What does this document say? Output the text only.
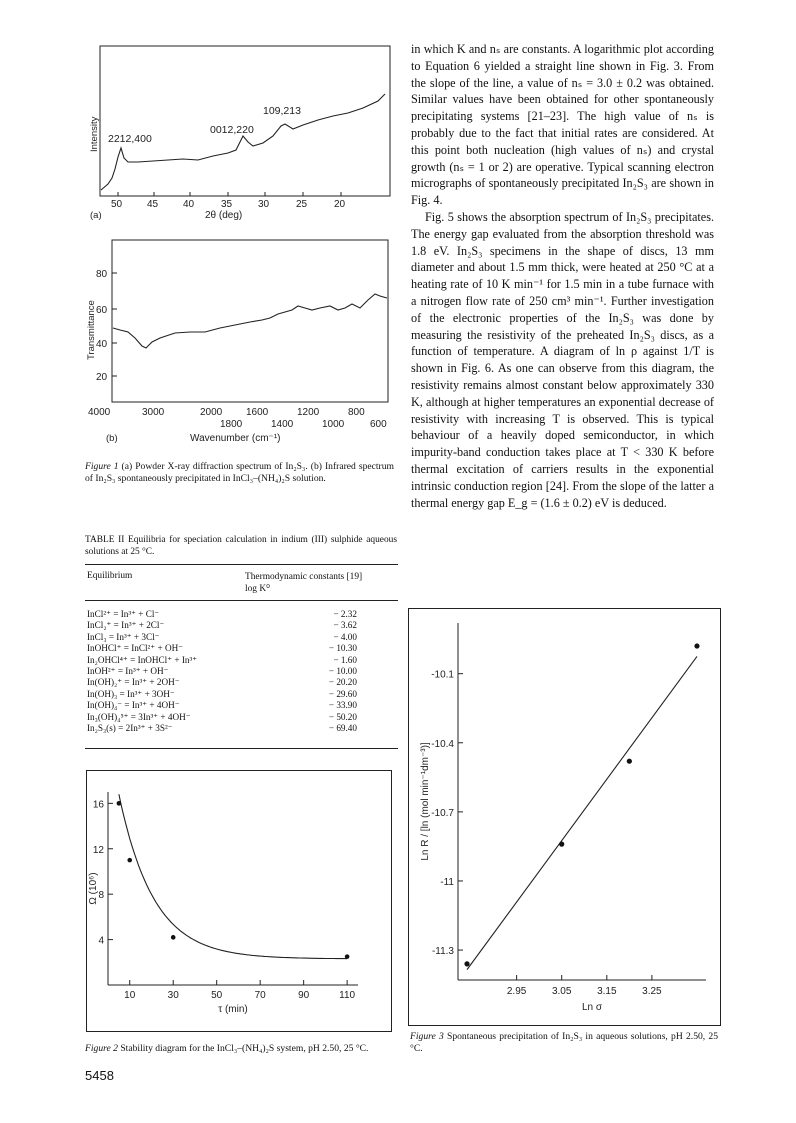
2212,400
0012,220
109,213
Intensity
50 45 40	35	30	25	20
2θ (deg)
(a)
80
60
40
20
Transmittance
4000	3000	2000 1600	1200	800
1800	1400	1000	600
Wavenumber (cm⁻¹)
(b)
Figure 1 (a) Powder X-ray diffraction spectrum of In₂S₃. (b) Infrared spectrum of In₂S₃ spontaneously precipitated in InCl₃–(NH₄)₂S solution.
TABLE II Equilibria for speciation calculation in indium (III) sulphide aqueous solutions at 25 °C.
Equilibrium	Thermodynamic constants [19]
log K⁰
InCl²⁺ = In³⁺ + Cl⁻	− 2.32
InCl₂⁺ = In³⁺ + 2Cl⁻	− 3.62
InCl₃ = In³⁺ + 3Cl⁻	− 4.00
InOHCl⁺ = InCl²⁺ + OH⁻	− 10.30
In₂OHCl⁴⁺ = InOHCl⁺ + In³⁺	− 1.60
InOH²⁺ = In³⁺ + OH⁻	− 10.00
In(OH)₂⁺ = In³⁺ + 2OH⁻	− 20.20
In(OH)₃ = In³⁺ + 3OH⁻	− 29.60
In(OH)₄⁻ = In³⁺ + 4OH⁻	− 33.90
In₃(OH)₄⁵⁺ = 3In³⁺ + 4OH⁻	− 50.20
In₂S₃(s) = 2In³⁺ + 3S²⁻	− 69.40
4
8
12
16
10	30	50	70	90	110
τ (min)
Ω (10⁶)
Figure 2 Stability diagram for the InCl₃–(NH₄)₂S system, pH 2.50, 25 °C.
-10.1
-10.4
-10.7
-11
-11.3
2.95	3.05	3.15	3.25
Ln σ
Ln R / [ln (mol min⁻¹dm⁻³)]
Figure 3 Spontaneous precipitation of In₂S₃ in aqueous solutions, pH 2.50, 25 °C.

in which K and nₛ are constants. A logarithmic plot according to Equation 6 yielded a straight line shown in Fig. 3. From the slope of the line, a value of nₛ = 3.0 ± 0.2 was obtained. Similar values have been obtained for other spontaneously precipitating systems [21–23]. The high value of nₛ is probably due to the fact that initial rates are considered. At this point both nucleation (high values of nₛ) and crystal growth (nₛ = 1 or 2) are operative. Typical scanning electron micrographs of spontaneously precipitated In₂S₃ are shown in Fig. 4.

Fig. 5 shows the absorption spectrum of In₂S₃ precipitates. The energy gap evaluated from the absorption threshold was 1.8 eV. In₂S₃ specimens in the shape of discs, 13 mm diameter and about 1.5 mm thick, were heated at 250 °C at a heating rate of 10 K min⁻¹ for 1.5 min in a tube furnace with a nitrogen flow rate of 250 cm³ min⁻¹. Further investigation of the electronic properties of the In₂S₃ was done by measuring the resistivity of the preheated In₂S₃ discs, as a function of temperature. A diagram of ln ρ against 1/T is shown in Fig. 6. As one can observe from this diagram, the resistivity remains almost constant below approximately 330 K, although at higher temperatures an exponential decrease of resistivity with increasing T is observed. This is typical behaviour of a heavily doped semiconductor, in which impurity-band conduction takes place at T < 330 K before thermal excitation of carriers results in the exponential intrinsic conduction region [24]. From the slope of the latter a thermal energy gap E_g = (1.6 ± 0.2) eV is deduced.

5458
